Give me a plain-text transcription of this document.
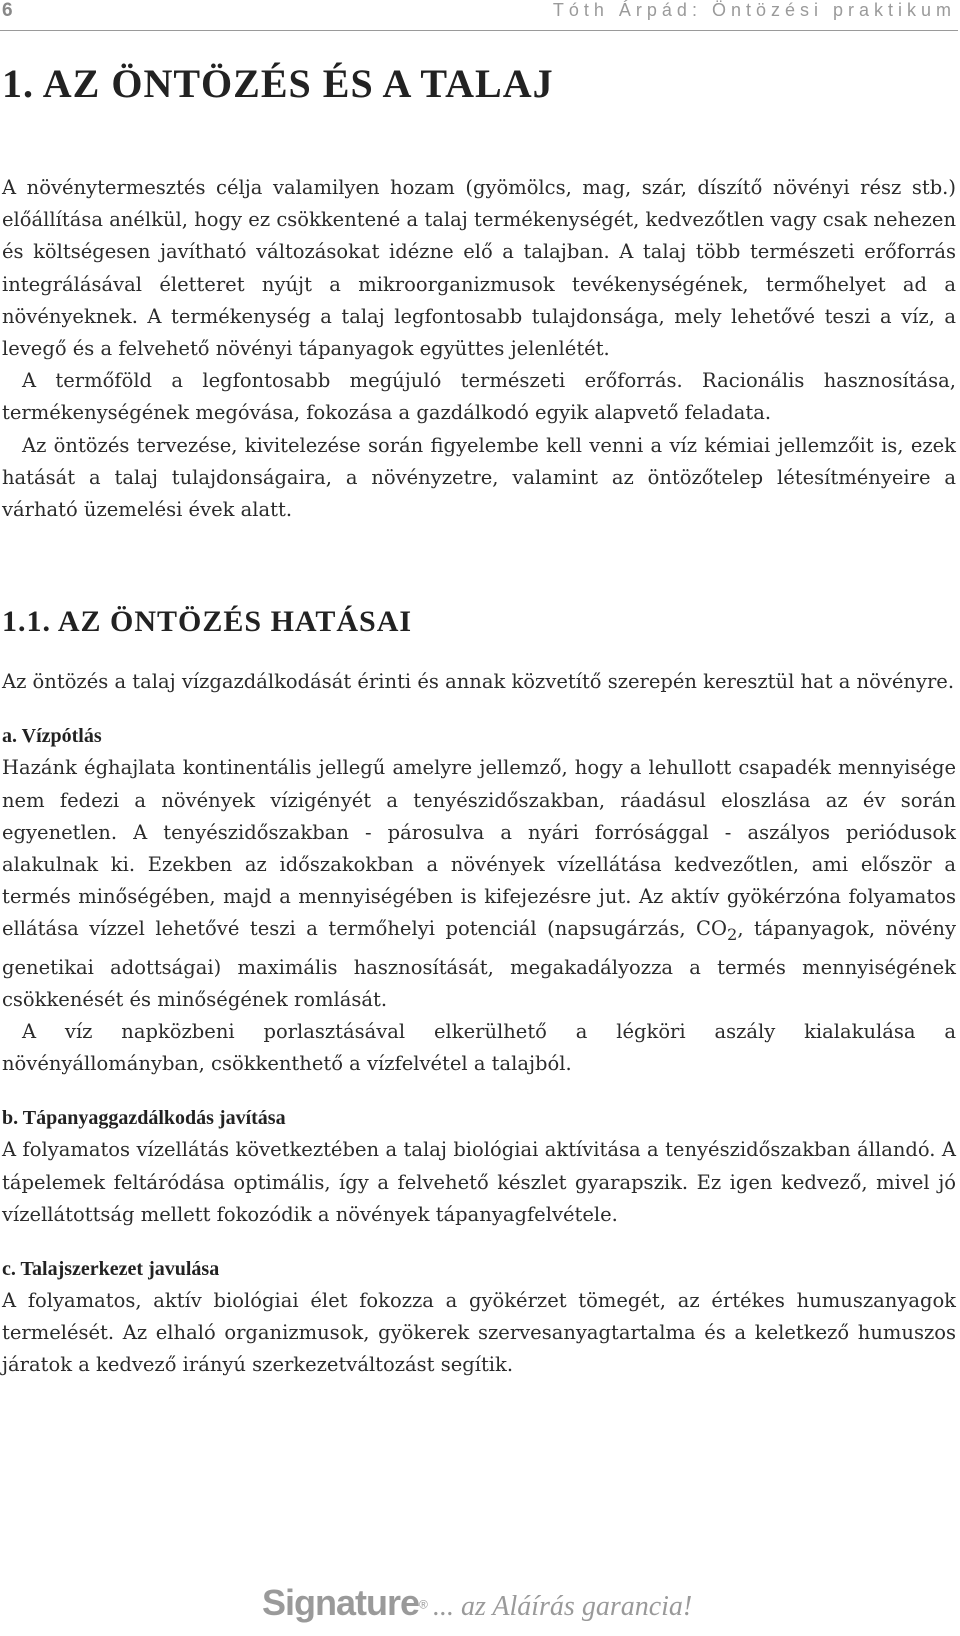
6	Tóth Árpád: Öntözési praktikum
1. AZ ÖNTÖZÉS ÉS A TALAJ

A növénytermesztés célja valamilyen hozam (gyömölcs, mag, szár, díszítő növényi rész stb.) előállítása anélkül, hogy ez csökkentené a talaj termékenységét, kedvezőtlen vagy csak nehezen és költségesen javítható változásokat idézne elő a talajban. A talaj több természeti erőforrás integrálásával életteret nyújt a mikroorganizmusok tevékenységének, termőhelyet ad a növényeknek. A termékenység a talaj legfontosabb tulajdonsága, mely lehetővé teszi a víz, a levegő és a felvehető növényi tápanyagok együttes jelenlétét.

A termőföld a legfontosabb megújuló természeti erőforrás. Racionális hasznosítása, termékenységének megóvása, fokozása a gazdálkodó egyik alapvető feladata.

Az öntözés tervezése, kivitelezése során figyelembe kell venni a víz kémiai jellemzőit is, ezek hatását a talaj tulajdonságaira, a növényzetre, valamint az öntözőtelep létesítményeire a várható üzemelési évek alatt.

1.1. AZ ÖNTÖZÉS HATÁSAI

Az öntözés a talaj vízgazdálkodását érinti és annak közvetítő szerepén keresztül hat a növényre.

a. Vízpótlás

Hazánk éghajlata kontinentális jellegű amelyre jellemző, hogy a lehullott csapadék mennyisége nem fedezi a növények vízigényét a tenyészidőszakban, ráadásul eloszlása az év során egyenetlen. A tenyészidőszakban - párosulva a nyári forrósággal - aszályos periódusok alakulnak ki. Ezekben az időszakokban a növények vízellátása kedvezőtlen, ami először a termés minőségében, majd a mennyiségében is kifejezésre jut. Az aktív gyökérzóna folyamatos ellátása vízzel lehetővé teszi a termőhelyi potenciál (napsugárzás, $CO_2$, tápanyagok, növény genetikai adottságai) maximális hasznosítását, megakadályozza a termés mennyiségének csökkenését és minőségének romlását.

A víz napközbeni porlasztásával elkerülhető a légköri aszály kialakulása a növényállományban, csökkenthető a vízfelvétel a talajból.

b. Tápanyaggazdálkodás javítása

A folyamatos vízellátás következtében a talaj biológiai aktívitása a tenyészidőszakban állandó. A tápelemek feltáródása optimális, így a felvehető készlet gyarapszik. Ez igen kedvező, mivel jó vízellátottság mellett fokozódik a növények tápanyagfelvétele.

c. Talajszerkezet javulása

A folyamatos, aktív biológiai élet fokozza a gyökérzet tömegét, az értékes humuszanyagok termelését. Az elhaló organizmusok, gyökerek szervesanyagtartalma és a keletkező humuszos járatok a kedvező irányú szerkezetváltozást segítik.

Signature® ... az Aláírás garancia!
